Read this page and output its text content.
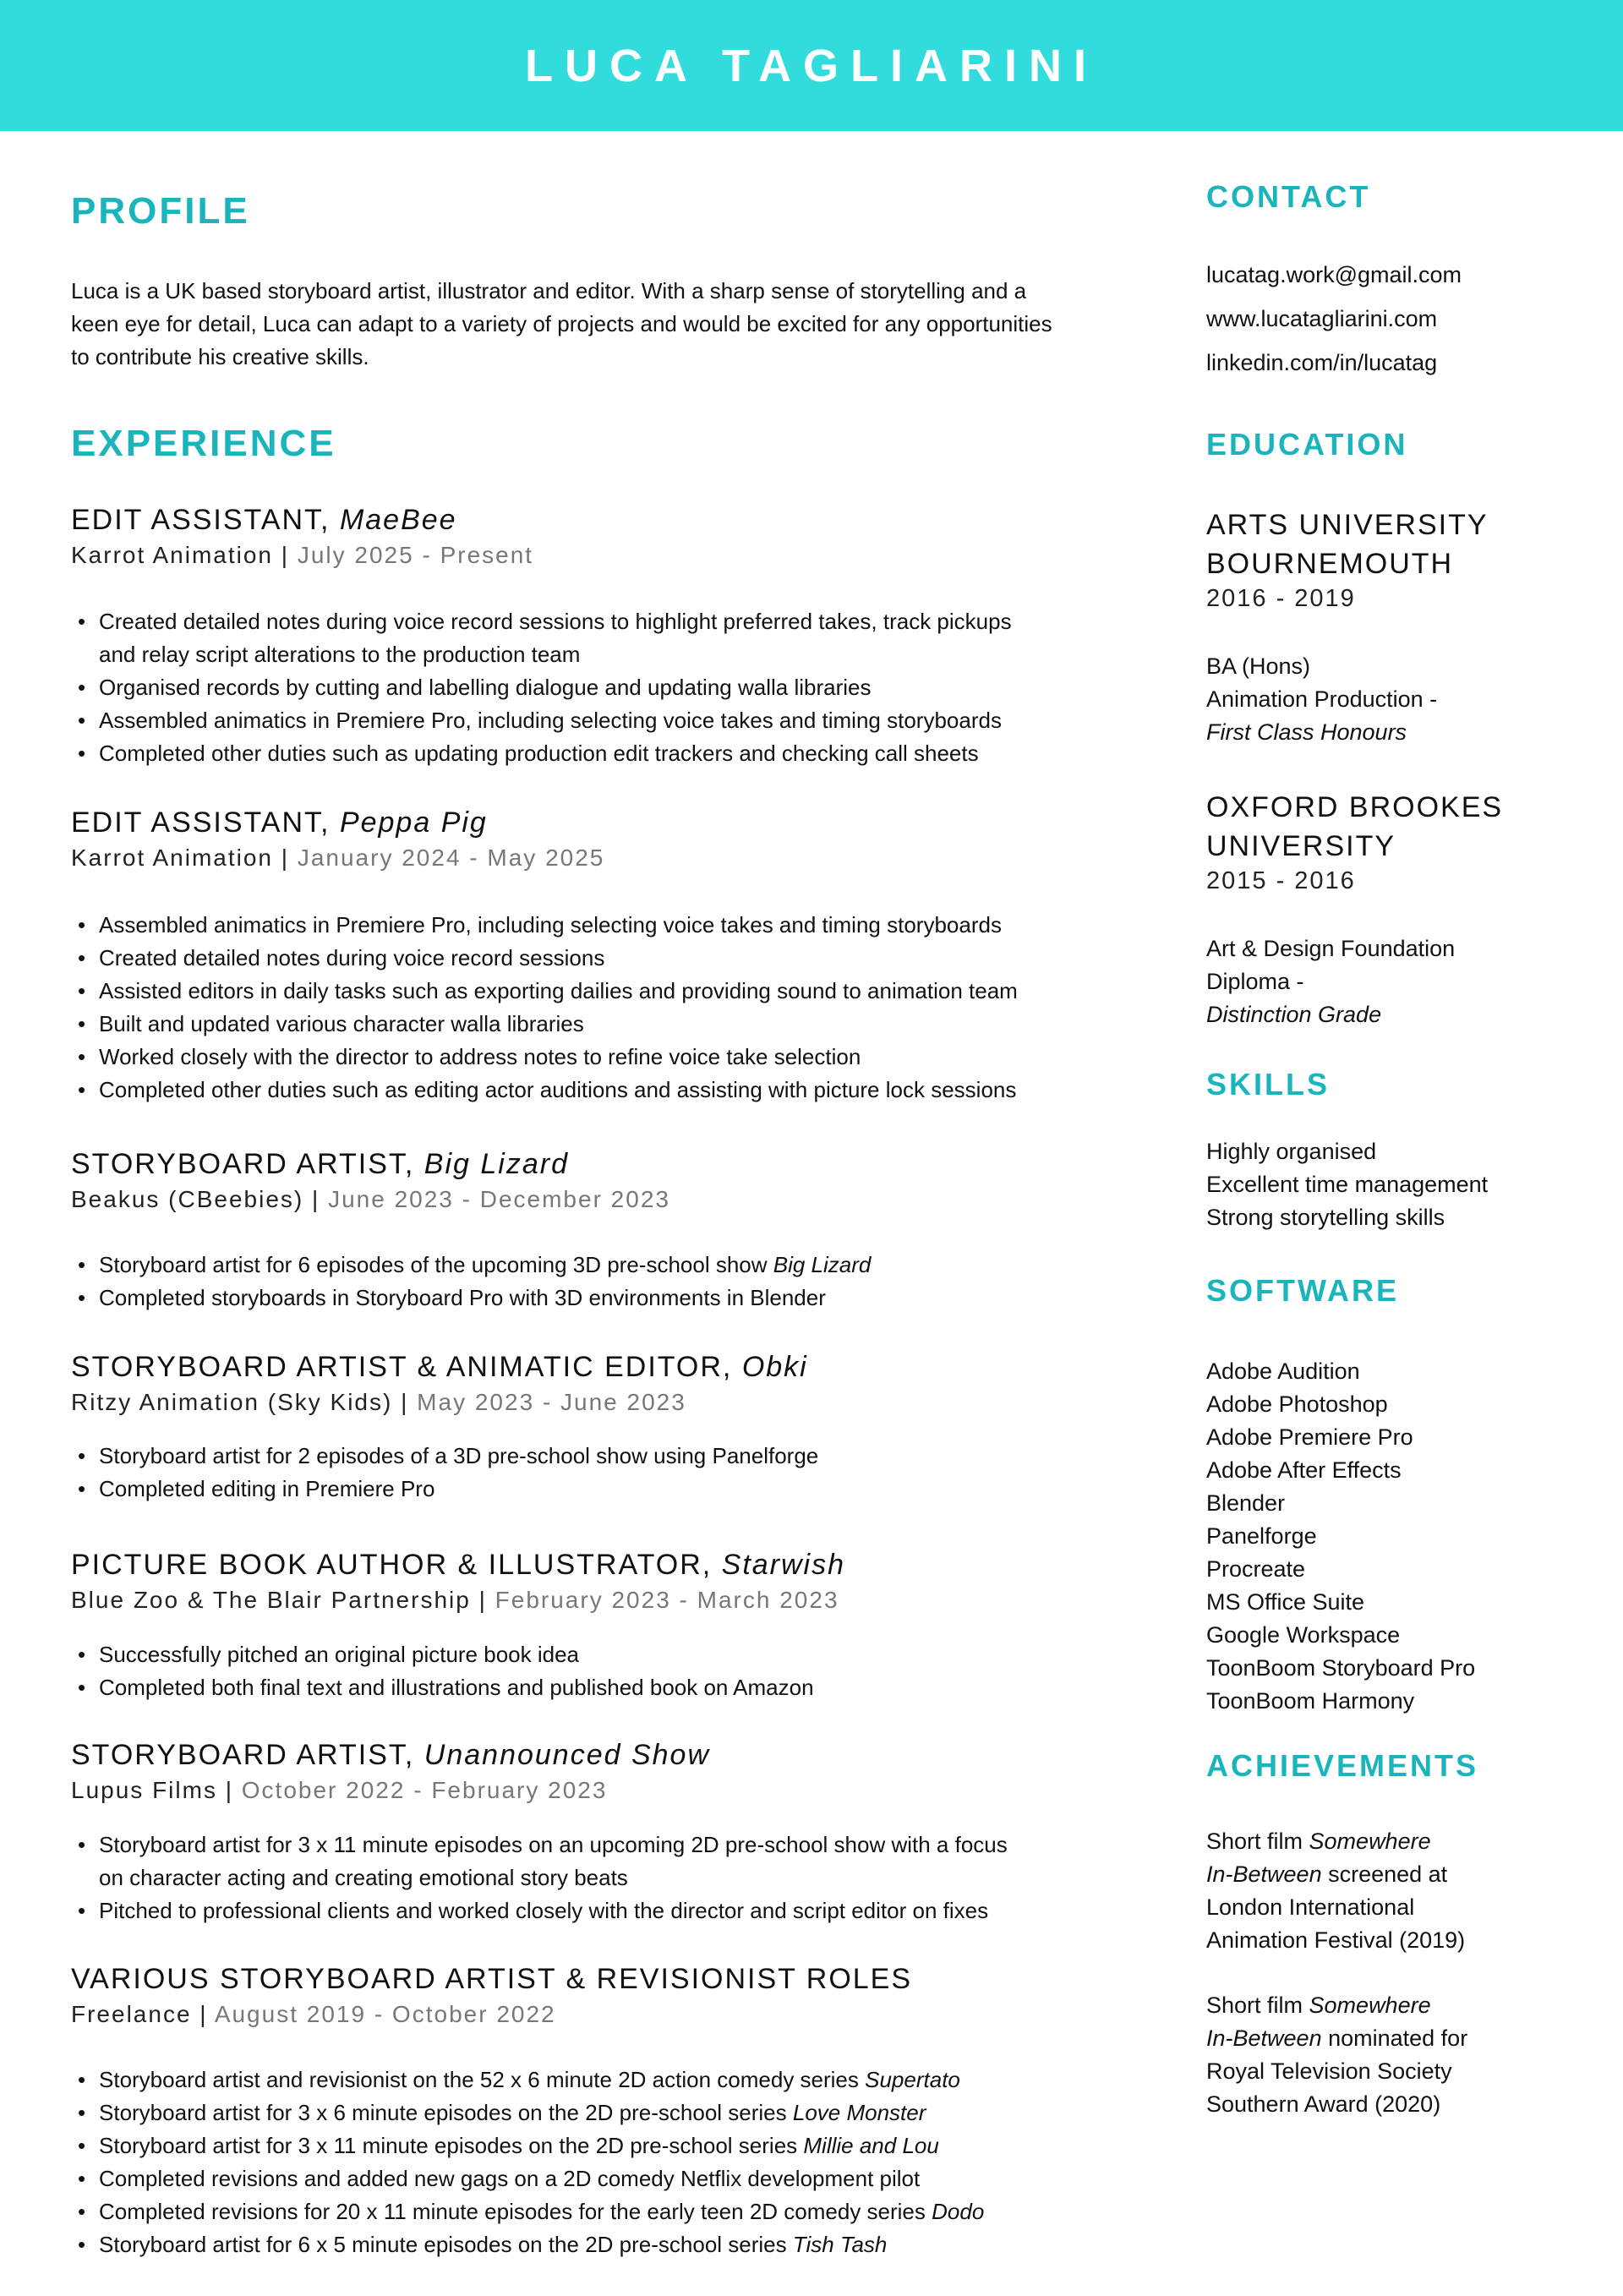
LUCA TAGLIARINI
PROFILE
Luca is a UK based storyboard artist, illustrator and editor. With a sharp sense of storytelling and a
keen eye for detail, Luca can adapt to a variety of projects and would be excited for any opportunities
to contribute his creative skills.
EXPERIENCE
EDIT ASSISTANT, MaeBee

Karrot Animation | July 2025 - Present

• Created detailed notes during voice record sessions to highlight preferred takes, track pickups
and relay script alterations to the production team
• Organised records by cutting and labelling dialogue and updating walla libraries
• Assembled animatics in Premiere Pro, including selecting voice takes and timing storyboards
• Completed other duties such as updating production edit trackers and checking call sheets
EDIT ASSISTANT, Peppa Pig

Karrot Animation | January 2024 - May 2025

• Assembled animatics in Premiere Pro, including selecting voice takes and timing storyboards
• Created detailed notes during voice record sessions
• Assisted editors in daily tasks such as exporting dailies and providing sound to animation team
• Built and updated various character walla libraries
• Worked closely with the director to address notes to refine voice take selection
• Completed other duties such as editing actor auditions and assisting with picture lock sessions
STORYBOARD ARTIST, Big Lizard

Beakus (CBeebies) | June 2023 - December 2023

• Storyboard artist for 6 episodes of the upcoming 3D pre-school show Big Lizard
• Completed storyboards in Storyboard Pro with 3D environments in Blender
STORYBOARD ARTIST & ANIMATIC EDITOR, Obki

Ritzy Animation (Sky Kids) | May 2023 - June 2023

• Storyboard artist for 2 episodes of a 3D pre-school show using Panelforge
• Completed editing in Premiere Pro
PICTURE BOOK AUTHOR & ILLUSTRATOR, Starwish

Blue Zoo & The Blair Partnership | February 2023 - March 2023

• Successfully pitched an original picture book idea
• Completed both final text and illustrations and published book on Amazon
STORYBOARD ARTIST, Unannounced Show

Lupus Films | October 2022 - February 2023

• Storyboard artist for 3 x 11 minute episodes on an upcoming 2D pre-school show with a focus
on character acting and creating emotional story beats
• Pitched to professional clients and worked closely with the director and script editor on fixes
VARIOUS STORYBOARD ARTIST & REVISIONIST ROLES

Freelance | August 2019 - October 2022

• Storyboard artist and revisionist on the 52 x 6 minute 2D action comedy series Supertato
• Storyboard artist for 3 x 6 minute episodes on the 2D pre-school series Love Monster
• Storyboard artist for 3 x 11 minute episodes on the 2D pre-school series Millie and Lou
• Completed revisions and added new gags on a 2D comedy Netflix development pilot
• Completed revisions for 20 x 11 minute episodes for the early teen 2D comedy series Dodo
• Storyboard artist for 6 x 5 minute episodes on the 2D pre-school series Tish Tash
CONTACT

lucatag.work@gmail.com

www.lucatagliarini.com

linkedin.com/in/lucatag

EDUCATION

ARTS UNIVERSITY

BOURNEMOUTH

2016 - 2019

BA (Hons)

Animation Production -

First Class Honours

OXFORD BROOKES

UNIVERSITY

2015 - 2016

Art & Design Foundation

Diploma -

Distinction Grade

SKILLS

Highly organised

Excellent time management

Strong storytelling skills

SOFTWARE

Adobe Audition

Adobe Photoshop

Adobe Premiere Pro

Adobe After Effects

Blender

Panelforge

Procreate

MS Office Suite

Google Workspace

ToonBoom Storyboard Pro

ToonBoom Harmony

ACHIEVEMENTS

Short film Somewhere

In-Between screened at

London International

Animation Festival (2019)

Short film Somewhere

In-Between nominated for

Royal Television Society

Southern Award (2020)
